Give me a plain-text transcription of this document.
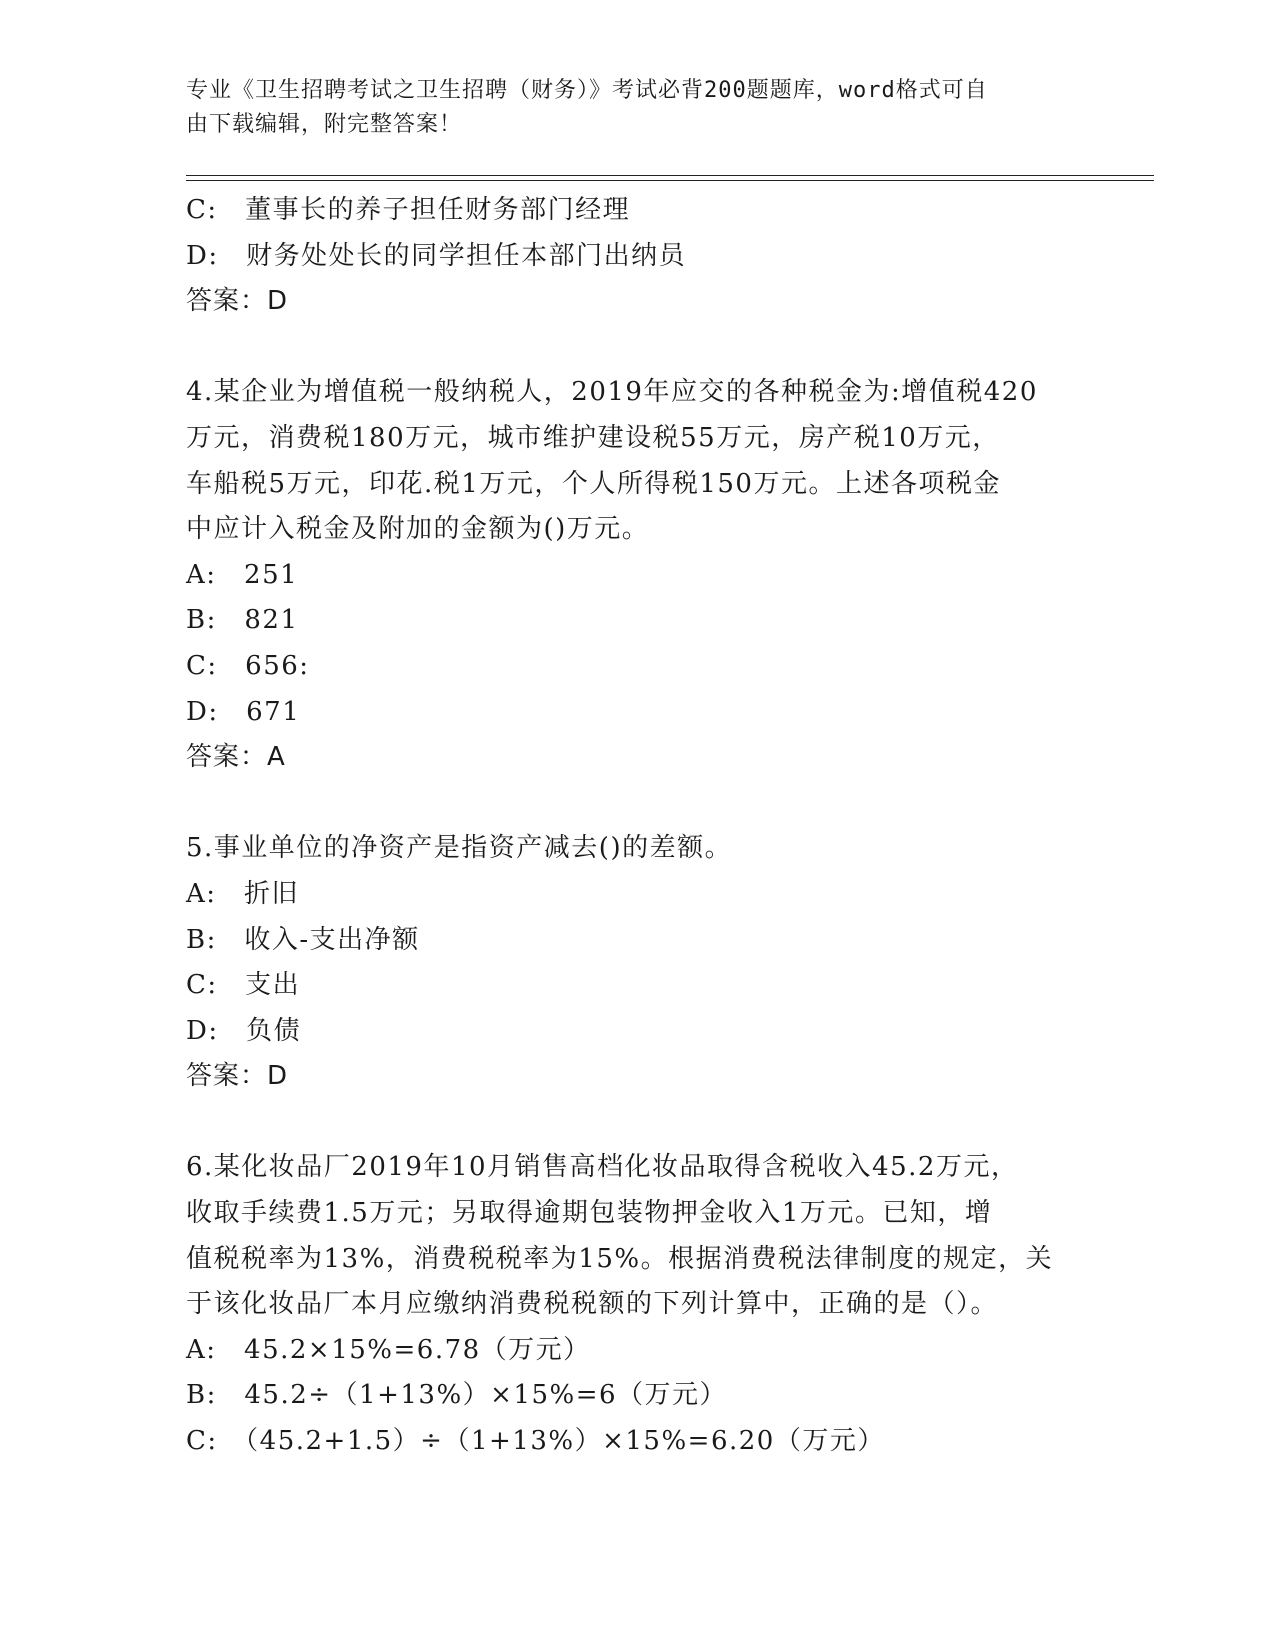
专业《卫生招聘考试之卫生招聘（财务）》考试必背200题题库，word格式可自
由下载编辑，附完整答案！
C:　董事长的养子担任财务部门经理
D:　财务处处长的同学担任本部门出纳员
答案：D
4.某企业为增值税一般纳税人，2019年应交的各种税金为:增值税420
万元，消费税180万元，城市维护建设税55万元，房产税10万元，
车船税5万元，印花.税1万元，个人所得税150万元。上述各项税金
中应计入税金及附加的金额为()万元。
A:　251
B:　821
C:　656:
D:　671
答案：A
5.事业单位的净资产是指资产减去()的差额。
A:　折旧
B:　收入-支出净额
C:　支出
D:　负债
答案：D
6.某化妆品厂2019年10月销售高档化妆品取得含税收入45.2万元，
收取手续费1.5万元；另取得逾期包装物押金收入1万元。已知，增
值税税率为13%，消费税税率为15%。根据消费税法律制度的规定，关
于该化妆品厂本月应缴纳消费税税额的下列计算中，正确的是（）。
A:　45.2×15%=6.78（万元）
B:　45.2÷（1+13%）×15%=6（万元）
C:　（45.2+1.5）÷（1+13%）×15%=6.20（万元）
